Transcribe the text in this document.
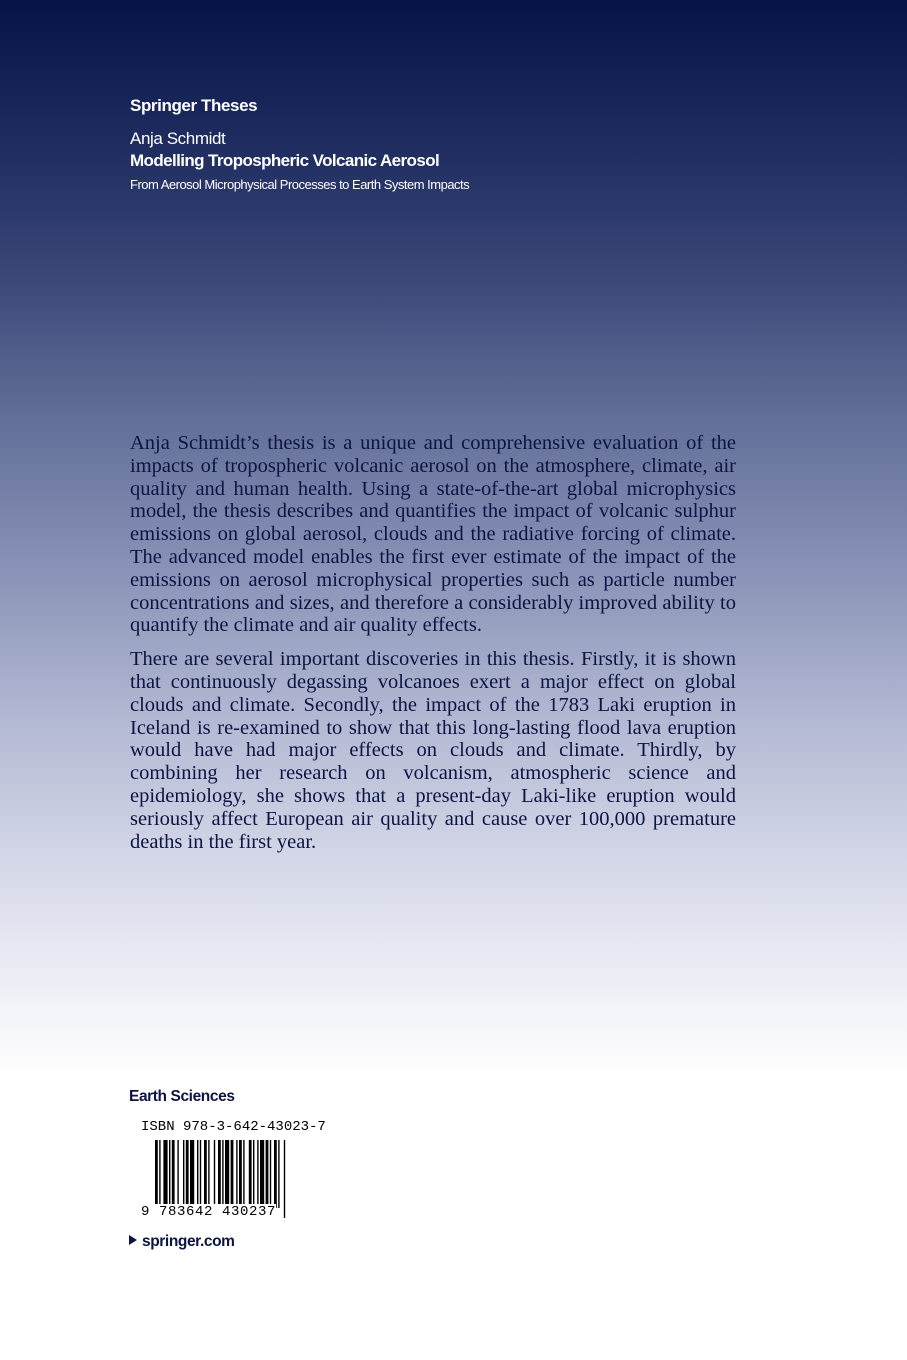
Springer Theses
Anja Schmidt
Modelling Tropospheric Volcanic Aerosol
From Aerosol Microphysical Processes to Earth System Impacts

Anja Schmidt’s thesis is a unique and comprehensive evaluation of the impacts of tropospheric volcanic aerosol on the atmosphere, climate, air quality and human health. Using a state-of-the-art global microphysics model, the thesis describes and quantifies the impact of volcanic sulphur emissions on global aerosol, clouds and the radiative forcing of climate. The advanced model enables the first ever estimate of the impact of the emissions on aerosol microphysical properties such as particle number concentrations and sizes, and therefore a considerably improved ability to quantify the climate and air quality effects.

There are several important discoveries in this thesis. Firstly, it is shown that continuously degassing volcanoes exert a major effect on global clouds and climate. Secondly, the impact of the 1783 Laki eruption in Iceland is re-examined to show that this long-lasting flood lava eruption would have had major effects on clouds and climate. Thirdly, by combining her research on volcanism, atmospheric science and epidemiology, she shows that a present-day Laki-like eruption would seriously affect European air quality and cause over 100,000 premature deaths in the first year.

Earth Sciences
ISBN 978-3-642-43023-7
9 783642 430237
springer.com
